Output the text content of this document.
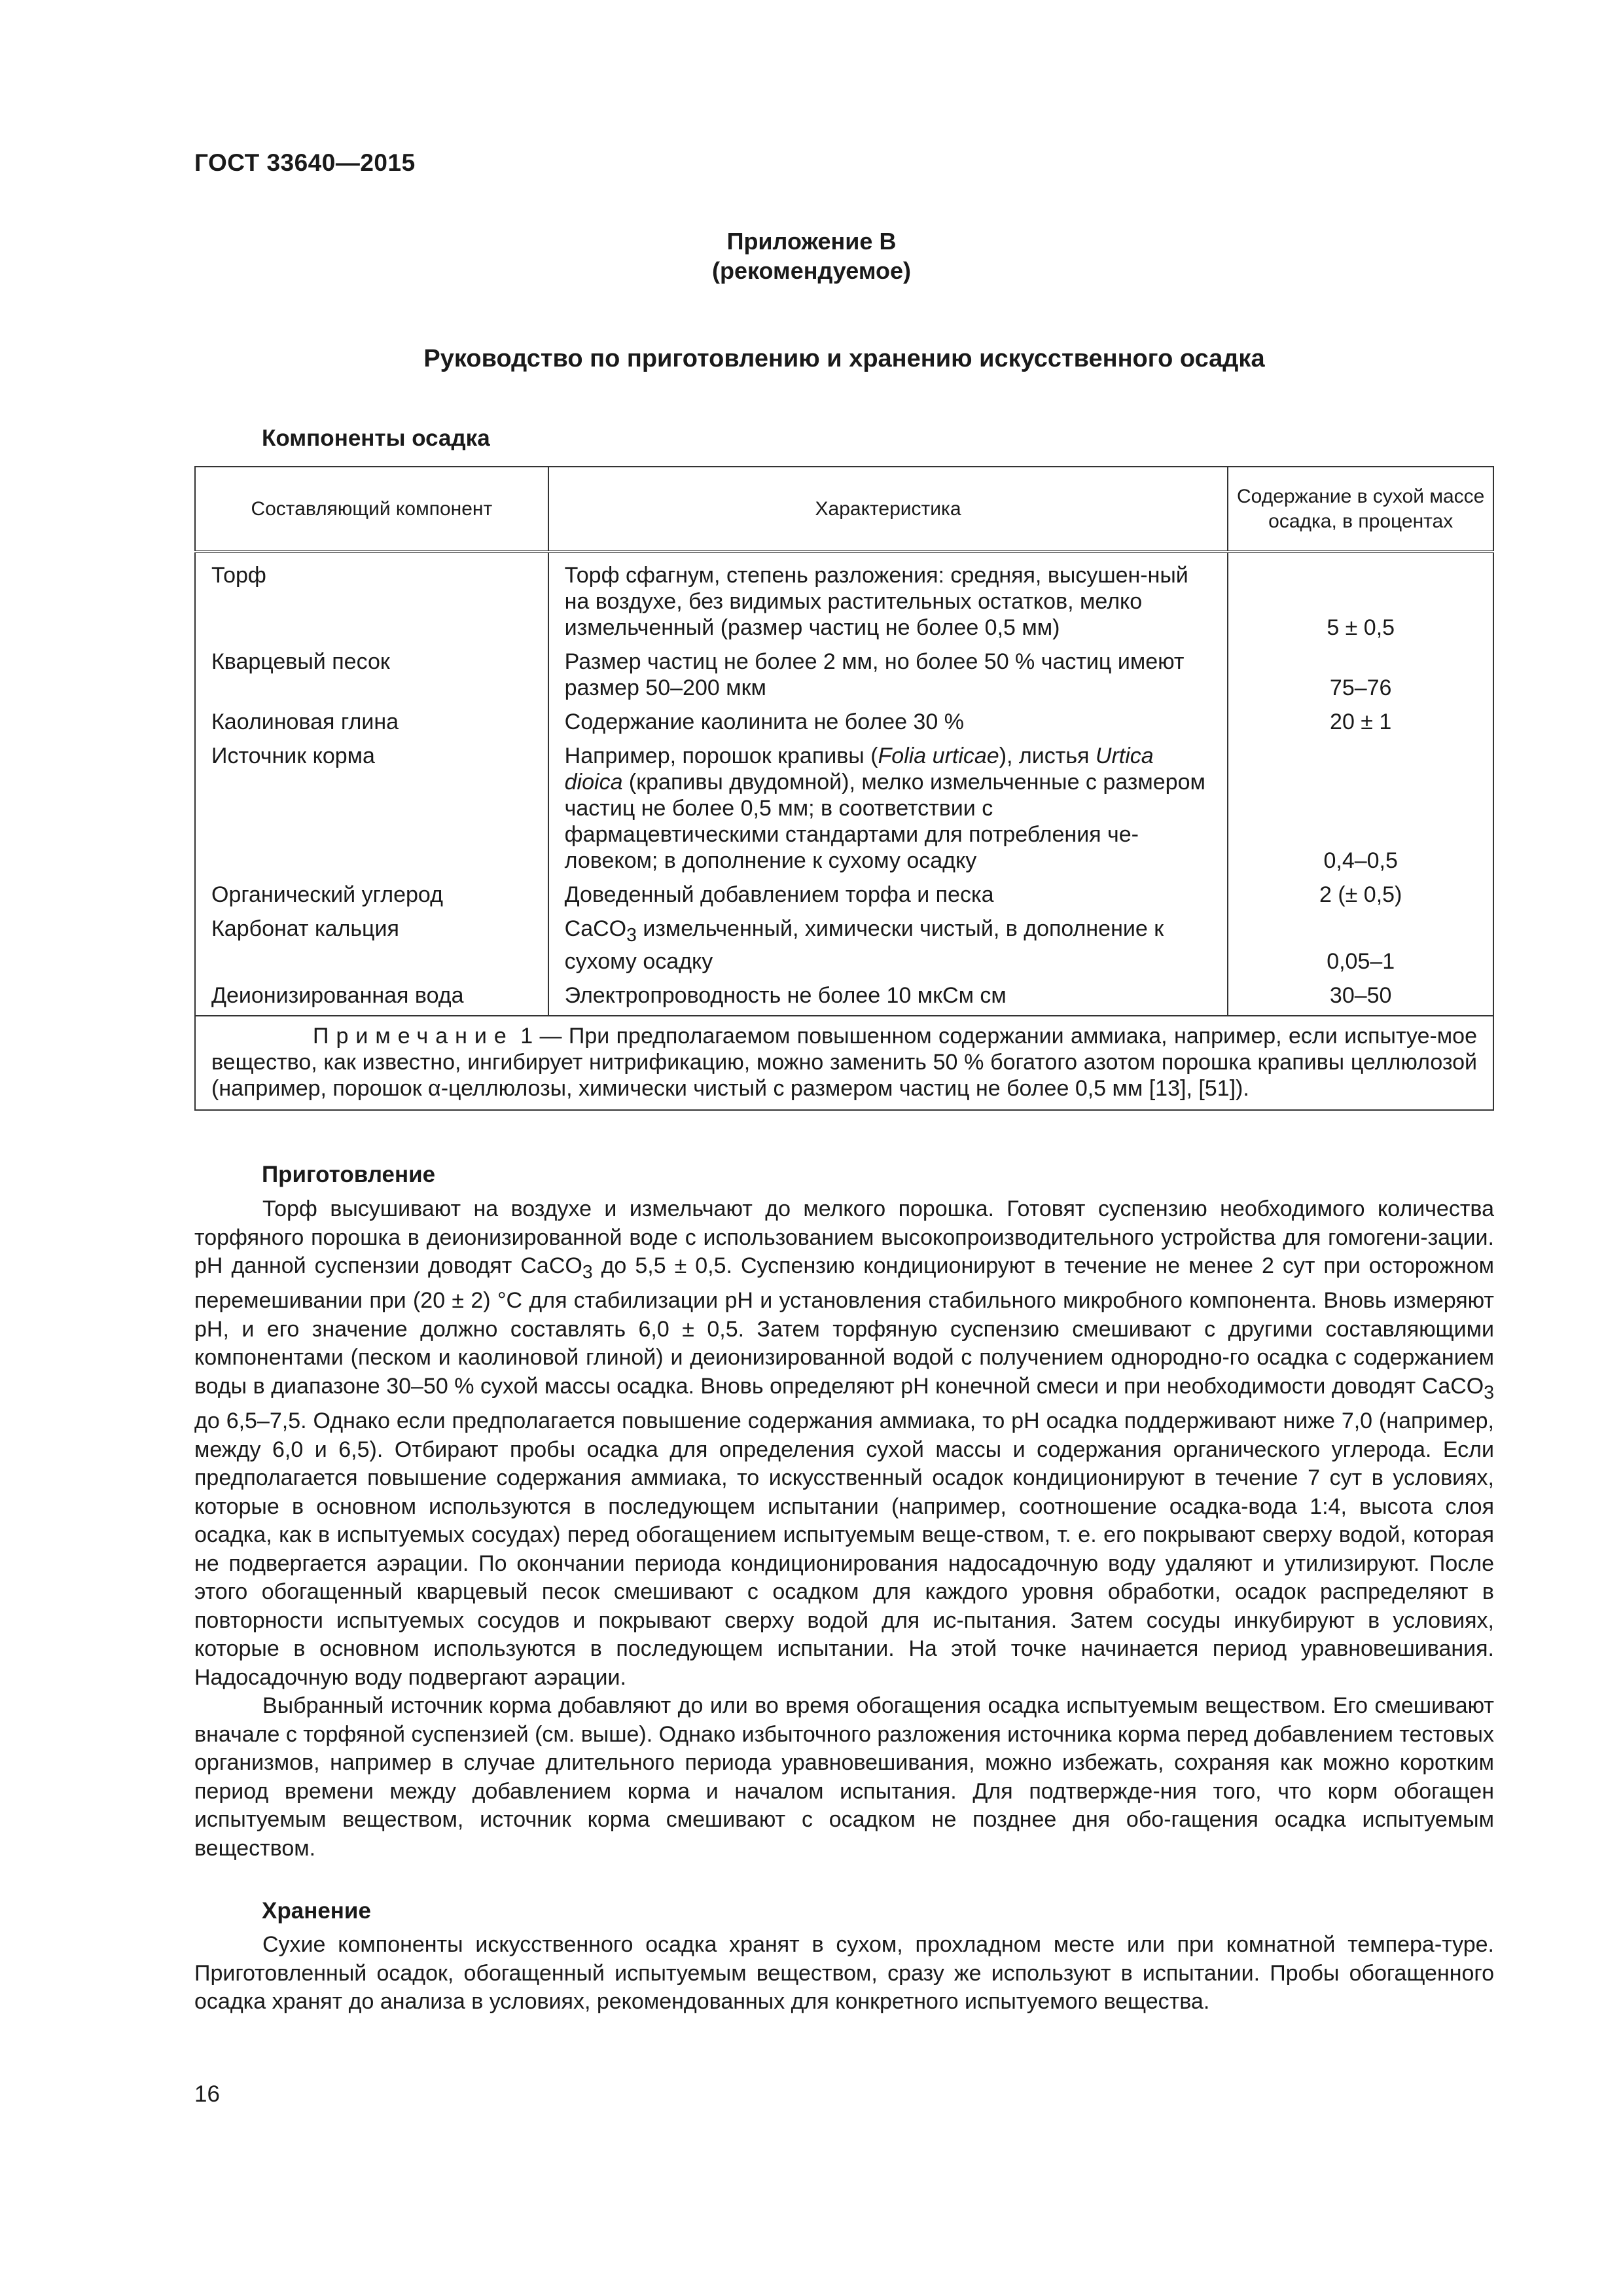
ГОСТ 33640—2015
Приложение В
(рекомендуемое)
Руководство по приготовлению и хранению искусственного осадка
Компоненты осадка
Составляющий компонент	Характеристика	Содержание в сухой массе осадка, в процентах
Торф	Торф сфагнум, степень разложения: средняя, высушен-ный на воздухе, без видимых растительных остатков, мелко измельченный (размер частиц не более 0,5 мм)	5 ± 0,5
Кварцевый песок	Размер частиц не более 2 мм, но более 50 % частиц имеют размер 50–200 мкм	75–76
Каолиновая глина	Содержание каолинита не более 30 %	20 ± 1
Источник корма	Например, порошок крапивы (Folia urticae), листья Urtica dioica (крапивы двудомной), мелко измельченные с размером частиц не более 0,5 мм; в соответствии с фармацевтическими стандартами для потребления че-ловеком; в дополнение к сухому осадку	0,4–0,5
Органический углерод	Доведенный добавлением торфа и песка	2 (± 0,5)
Карбонат кальция	CaCO$_3$ измельченный, химически чистый, в дополнение к сухому осадку	0,05–1
Деионизированная вода	Электропроводность не более 10 мкСм см	30–50
Примечание 1 — При предполагаемом повышенном содержании аммиака, например, если испытуе-мое вещество, как известно, ингибирует нитрификацию, можно заменить 50 % богатого азотом порошка крапивы целлюлозой (например, порошок α-целлюлозы, химически чистый с размером частиц не более 0,5 мм [13], [51]).		
Приготовление

Торф высушивают на воздухе и измельчают до мелкого порошка. Готовят суспензию необходимого количества торфяного порошка в деионизированной воде с использованием высокопроизводительного устройства для гомогени-зации. pH данной суспензии доводят CaCO$_3$ до 5,5 ± 0,5. Суспензию кондиционируют в течение не менее 2 сут при осторожном перемешивании при (20 ± 2) °С для стабилизации pH и установления стабильного микробного компонента. Вновь измеряют pH, и его значение должно составлять 6,0 ± 0,5. Затем торфяную суспензию смешивают с другими составляющими компонентами (песком и каолиновой глиной) и деионизированной водой с получением однородно-го осадка с содержанием воды в диапазоне 30–50 % сухой массы осадка. Вновь определяют pH конечной смеси и при необходимости доводят CaCO$_3$ до 6,5–7,5. Однако если предполагается повышение содержания аммиака, то pH осадка поддерживают ниже 7,0 (например, между 6,0 и 6,5). Отбирают пробы осадка для определения сухой массы и содержания органического углерода. Если предполагается повышение содержания аммиака, то искусственный осадок кондиционируют в течение 7 сут в условиях, которые в основном используются в последующем испытании (например, соотношение осадка-вода 1:4, высота слоя осадка, как в испытуемых сосудах) перед обогащением испытуемым веще-ством, т. е. его покрывают сверху водой, которая не подвергается аэрации. По окончании периода кондиционирования надосадочную воду удаляют и утилизируют. После этого обогащенный кварцевый песок смешивают с осадком для каждого уровня обработки, осадок распределяют в повторности испытуемых сосудов и покрывают сверху водой для ис-пытания. Затем сосуды инкубируют в условиях, которые в основном используются в последующем испытании. На этой точке начинается период уравновешивания. Надосадочную воду подвергают аэрации.

Выбранный источник корма добавляют до или во время обогащения осадка испытуемым веществом. Его смешивают вначале с торфяной суспензией (см. выше). Однако избыточного разложения источника корма перед добавлением тестовых организмов, например в случае длительного периода уравновешивания, можно избежать, сохраняя как можно коротким период времени между добавлением корма и началом испытания. Для подтвержде-ния того, что корм обогащен испытуемым веществом, источник корма смешивают с осадком не позднее дня обо-гащения осадка испытуемым веществом.

Хранение

Сухие компоненты искусственного осадка хранят в сухом, прохладном месте или при комнатной темпера-туре. Приготовленный осадок, обогащенный испытуемым веществом, сразу же используют в испытании. Пробы обогащенного осадка хранят до анализа в условиях, рекомендованных для конкретного испытуемого вещества.

16
